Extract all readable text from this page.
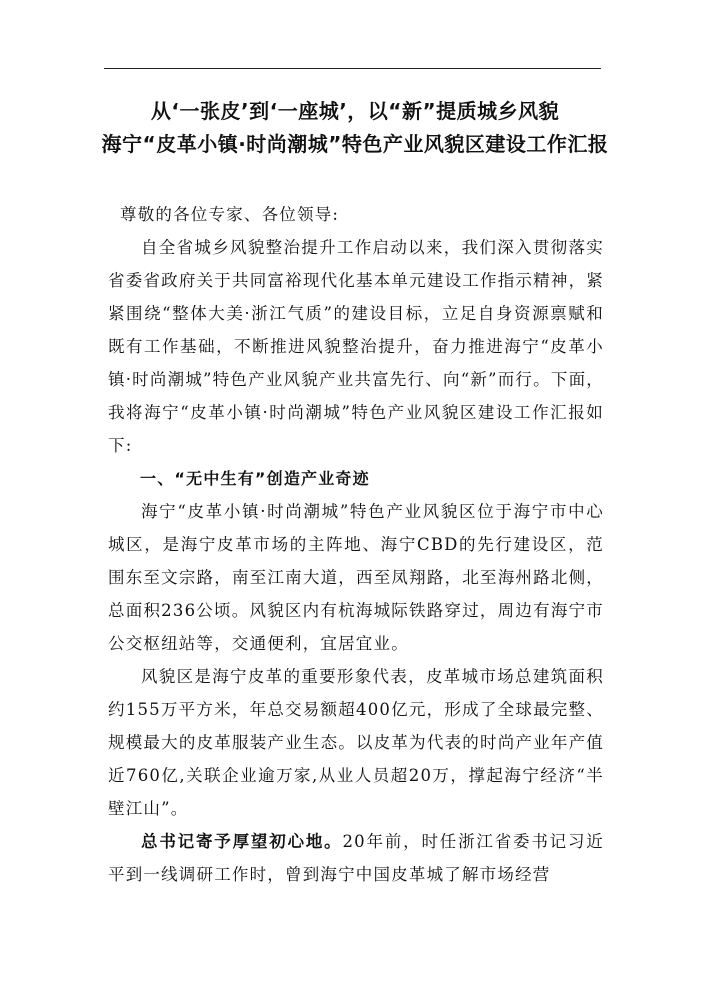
从‘一张皮’到‘一座城’，以“新”提质城乡风貌
海宁“皮革小镇·时尚潮城”特色产业风貌区建设工作汇报

尊敬的各位专家、各位领导:

自全省城乡风貌整治提升工作启动以来，我们深入贯彻落实省委省政府关于共同富裕现代化基本单元建设工作指示精神，紧紧围绕“整体大美·浙江气质”的建设目标，立足自身资源禀赋和既有工作基础，不断推进风貌整治提升，奋力推进海宁“皮革小镇·时尚潮城”特色产业风貌产业共富先行、向“新”而行。下面，我将海宁“皮革小镇·时尚潮城”特色产业风貌区建设工作汇报如下:

一、“无中生有”创造产业奇迹

海宁“皮革小镇·时尚潮城”特色产业风貌区位于海宁市中心城区，是海宁皮革市场的主阵地、海宁CBD的先行建设区，范围东至文宗路，南至江南大道，西至凤翔路，北至海州路北侧，总面积236公顷。风貌区内有杭海城际铁路穿过，周边有海宁市公交枢纽站等，交通便利，宜居宜业。

风貌区是海宁皮革的重要形象代表，皮革城市场总建筑面积约155万平方米，年总交易额超400亿元，形成了全球最完整、规模最大的皮革服装产业生态。以皮革为代表的时尚产业年产值近760亿,关联企业逾万家,从业人员超20万，撑起海宁经济“半壁江山”。

总书记寄予厚望初心地。20年前，时任浙江省委书记习近平到一线调研工作时，曾到海宁中国皮革城了解市场经营
